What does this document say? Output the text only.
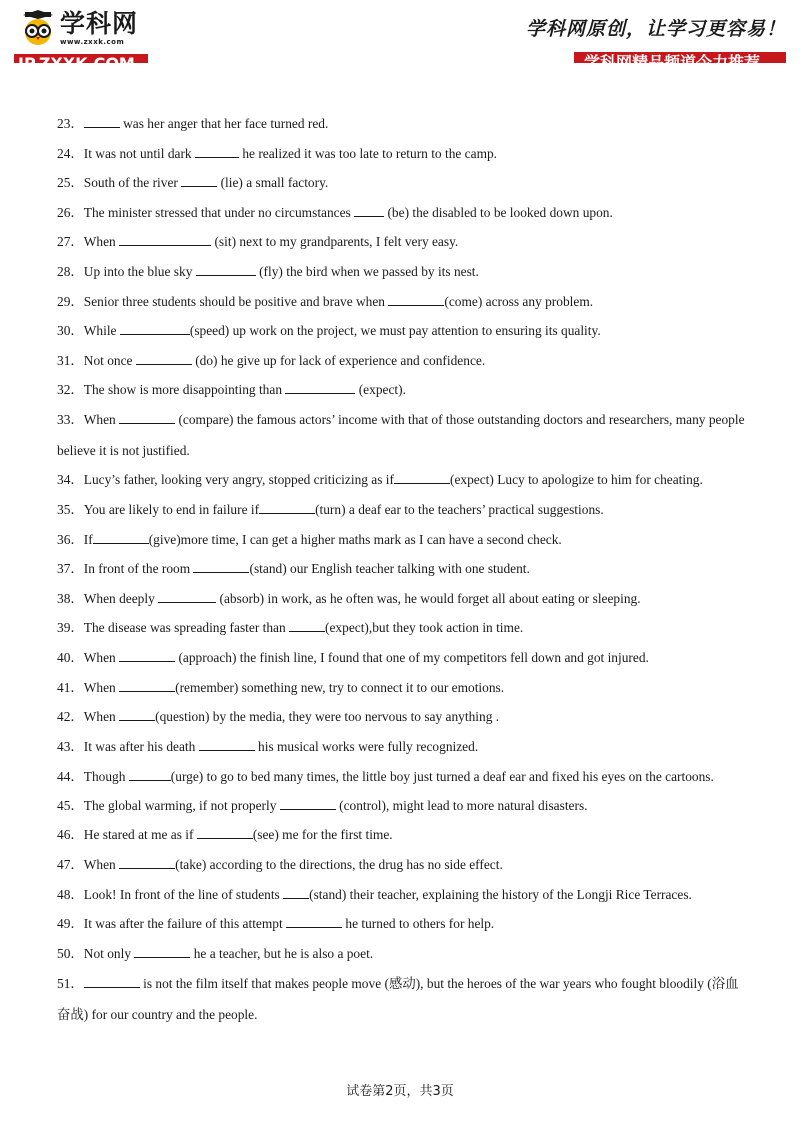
学科网
www.zxxk.com
学科网原创，让学习更容易！

23．	was her anger that her face turned red.

24．It was not until dark	he realized it was too late to return to the camp.

25．South of the river	(lie) a small factory.

26．The minister stressed that under no circumstances  (be) the disabled to be looked down upon.

27．When	(sit) next to my grandparents, I felt very easy.

28．Up into the blue sky	(fly) the bird when we passed by its nest.

29．Senior three students should be positive and brave when	(come) across any problem.

30．While	(speed) up work on the project, we must pay attention to ensuring its quality.

31．Not once	(do) he give up for lack of experience and confidence.

32．The show is more disappointing than	(expect).

33．When	(compare) the famous actors’ income with that of those outstanding doctors and researchers, many people believe it is not justified.

34．Lucy’s father, looking very angry, stopped criticizing as if	(expect) Lucy to apologize to him for cheating.

35．You are likely to end in failure if	(turn) a deaf ear to the teachers’ practical suggestions.

36．If	(give)more time, I can get a higher maths mark as I can have a second check.

37．In front of the room	(stand) our English teacher talking with one student.

38．When deeply	(absorb) in work, as he often was, he would forget all about eating or sleeping.

39．The disease was spreading faster than	(expect),but they took action in time.

40．When	(approach) the finish line, I found that one of my competitors fell down and got injured.

41．When	(remember) something new, try to connect it to our emotions.

42．When	(question) by the media, they were too nervous to say anything .

43．It was after his death	his musical works were fully recognized.

44．Though	(urge) to go to bed many times, the little boy just turned a deaf ear and fixed his eyes on the cartoons.

45．The global warming, if not properly	(control), might lead to more natural disasters.

46．He stared at me as if	(see) me for the first time.

47．When	(take) according to the directions, the drug has no side effect.

48．Look! In front of the line of students (stand) their teacher, explaining the history of the Longji Rice Terraces.

49．It was after the failure of this attempt	he turned to others for help.

50．Not only	he a teacher, but he is also a poet.

51．	is not the film itself that makes people move (感动), but the heroes of the war years who fought bloodily (浴血奋战) for our country and the people.

试卷第2页，共3页
